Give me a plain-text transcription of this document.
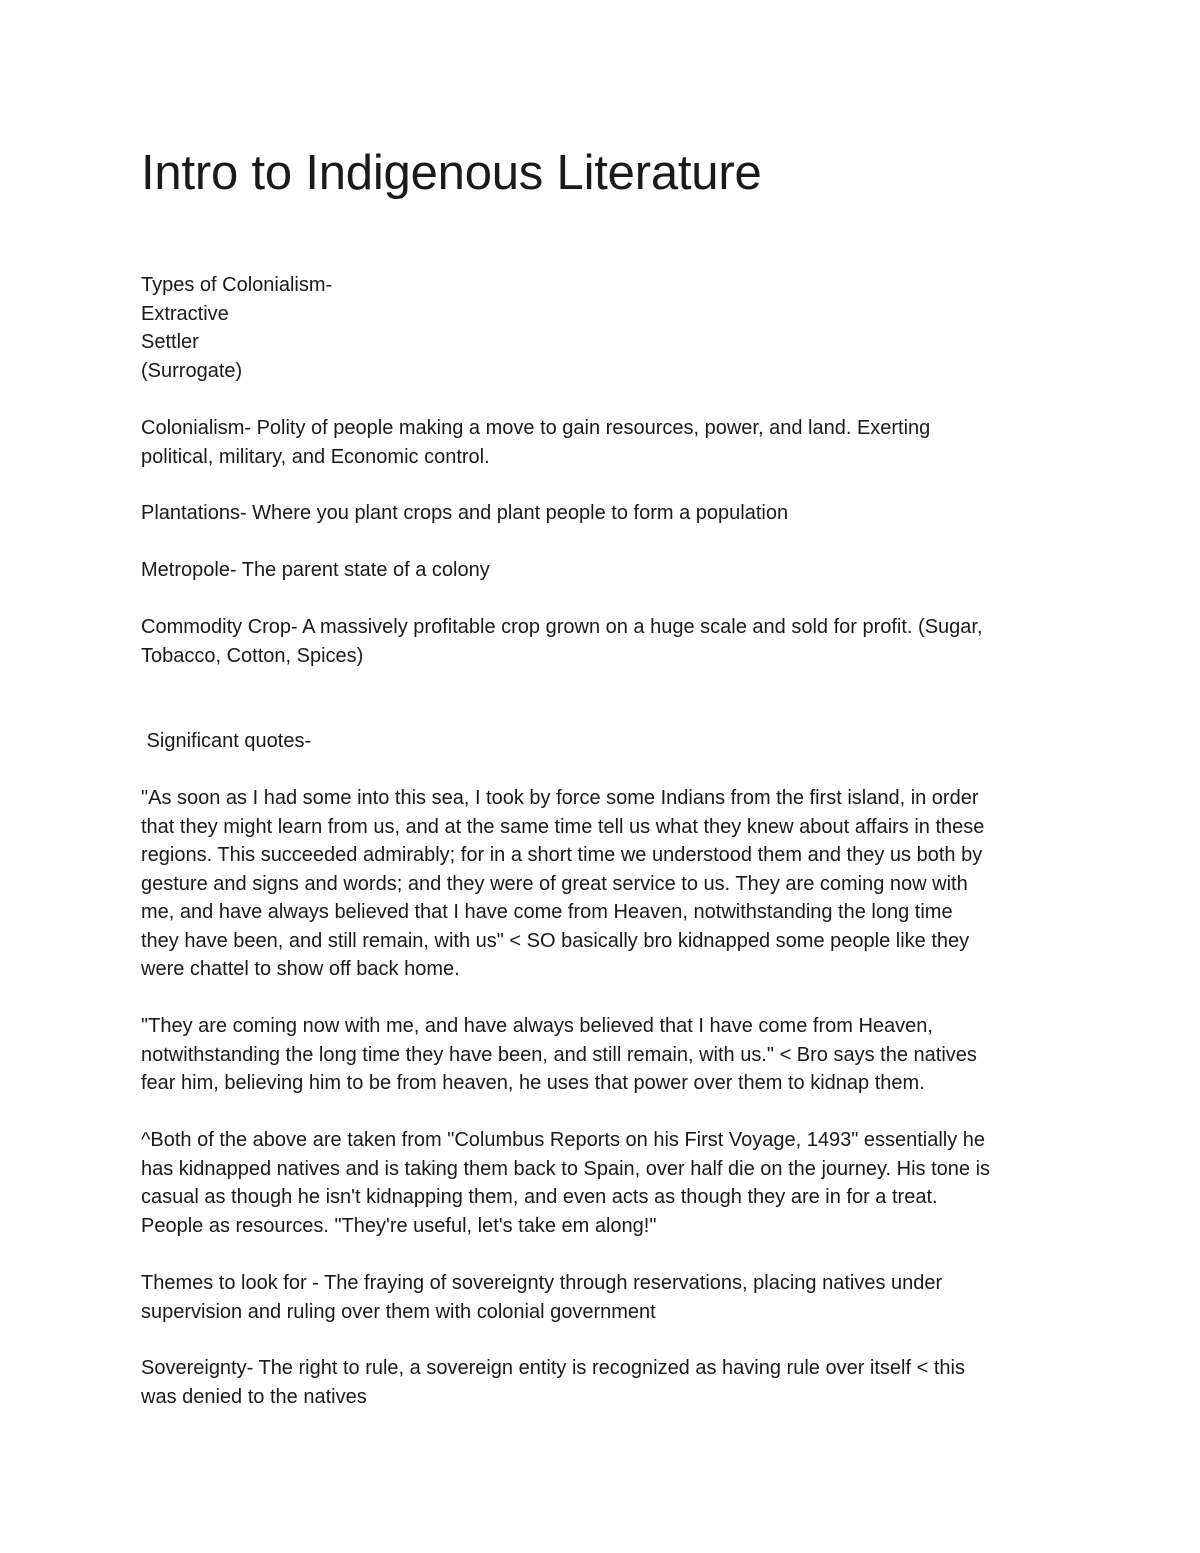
Intro to Indigenous Literature
Types of Colonialism-
Extractive
Settler
(Surrogate)
Colonialism- Polity of people making a move to gain resources, power, and land. Exerting
political, military, and Economic control.
Plantations- Where you plant crops and plant people to form a population
Metropole- The parent state of a colony
Commodity Crop- A massively profitable crop grown on a huge scale and sold for profit. (Sugar,
Tobacco, Cotton, Spices)
Significant quotes-
"As soon as I had some into this sea, I took by force some Indians from the first island, in order
that they might learn from us, and at the same time tell us what they knew about affairs in these
regions. This succeeded admirably; for in a short time we understood them and they us both by
gesture and signs and words; and they were of great service to us. They are coming now with
me, and have always believed that I have come from Heaven, notwithstanding the long time
they have been, and still remain, with us" < SO basically bro kidnapped some people like they
were chattel to show off back home.
"They are coming now with me, and have always believed that I have come from Heaven,
notwithstanding the long time they have been, and still remain, with us." < Bro says the natives
fear him, believing him to be from heaven, he uses that power over them to kidnap them.
^Both of the above are taken from "Columbus Reports on his First Voyage, 1493" essentially he
has kidnapped natives and is taking them back to Spain, over half die on the journey. His tone is
casual as though he isn't kidnapping them, and even acts as though they are in for a treat.
People as resources. "They're useful, let's take em along!"
Themes to look for - The fraying of sovereignty through reservations, placing natives under
supervision and ruling over them with colonial government
Sovereignty- The right to rule, a sovereign entity is recognized as having rule over itself < this
was denied to the natives
